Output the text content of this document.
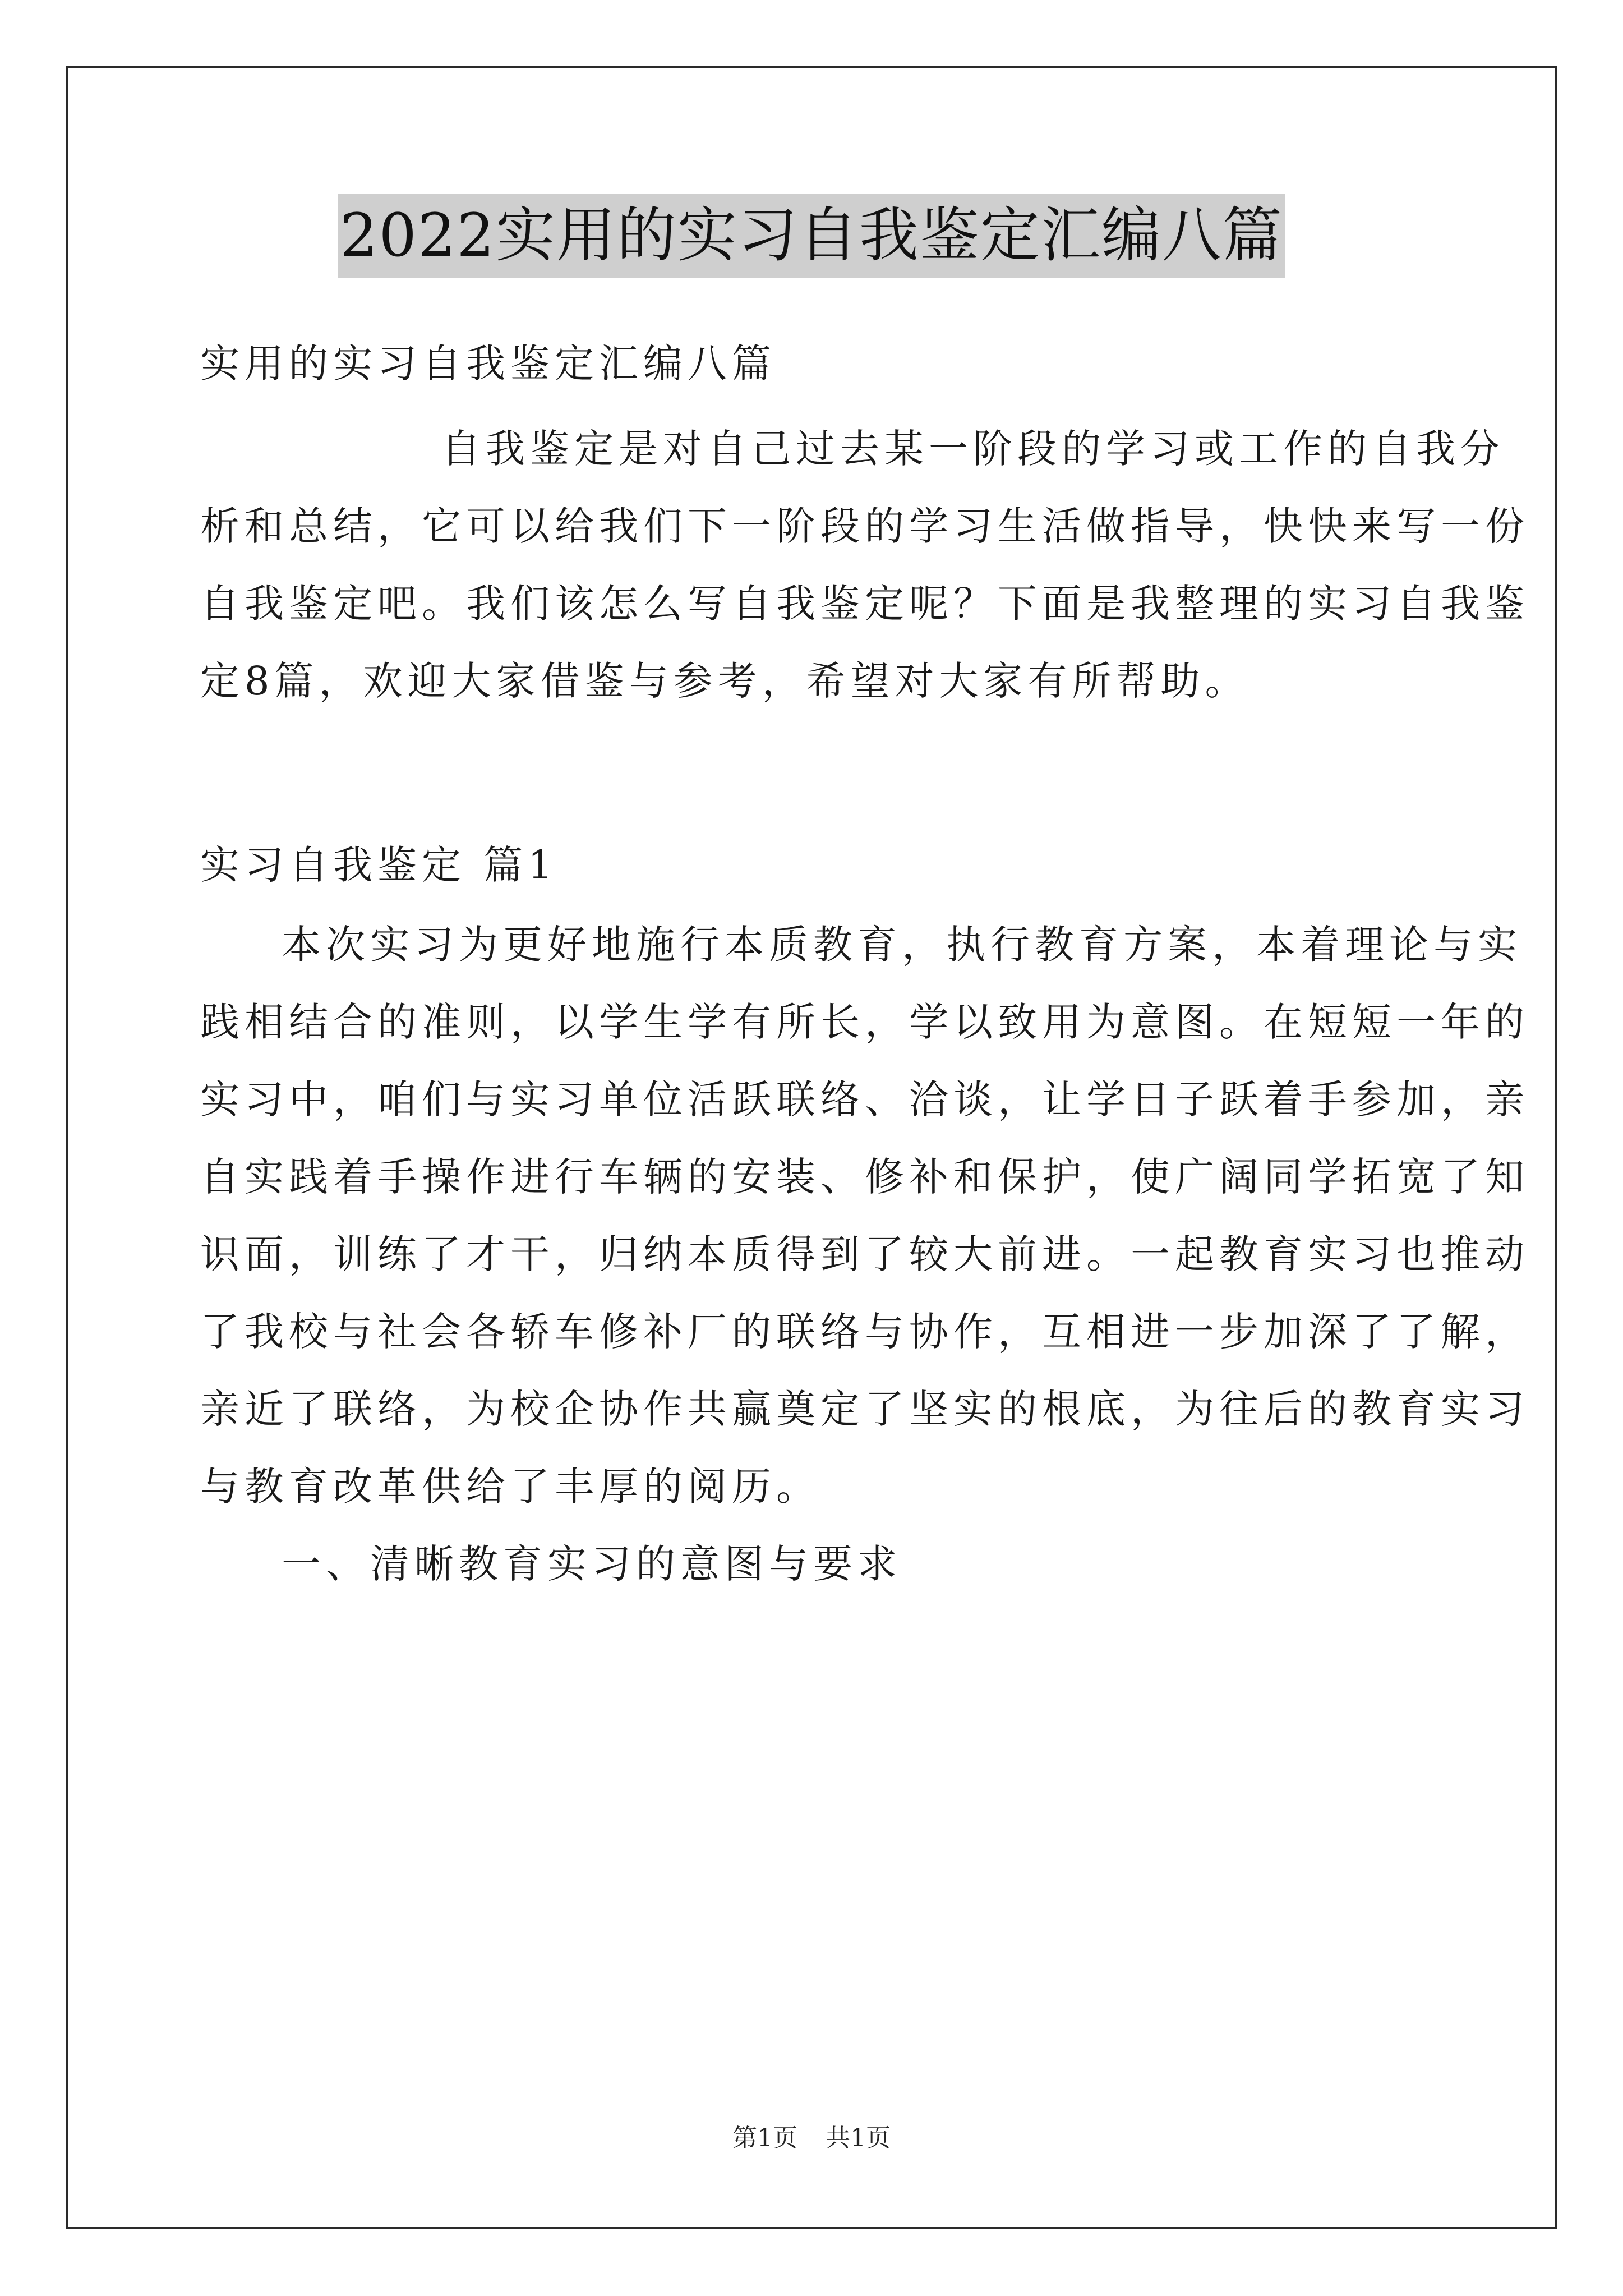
2022实用的实习自我鉴定汇编八篇

实用的实习自我鉴定汇编八篇

自我鉴定是对自己过去某一阶段的学习或工作的自我分

析和总结，它可以给我们下一阶段的学习生活做指导，快快来写一份

自我鉴定吧。我们该怎么写自我鉴定呢？下面是我整理的实习自我鉴

定8篇，欢迎大家借鉴与参考，希望对大家有所帮助。

实习自我鉴定 篇1

本次实习为更好地施行本质教育，执行教育方案，本着理论与实

践相结合的准则，以学生学有所长，学以致用为意图。在短短一年的

实习中，咱们与实习单位活跃联络、洽谈，让学日子跃着手参加，亲

自实践着手操作进行车辆的安装、修补和保护，使广阔同学拓宽了知

识面，训练了才干，归纳本质得到了较大前进。一起教育实习也推动

了我校与社会各轿车修补厂的联络与协作，互相进一步加深了了解，

亲近了联络，为校企协作共赢奠定了坚实的根底，为往后的教育实习

与教育改革供给了丰厚的阅历。

一、清晰教育实习的意图与要求

第1页 共1页
